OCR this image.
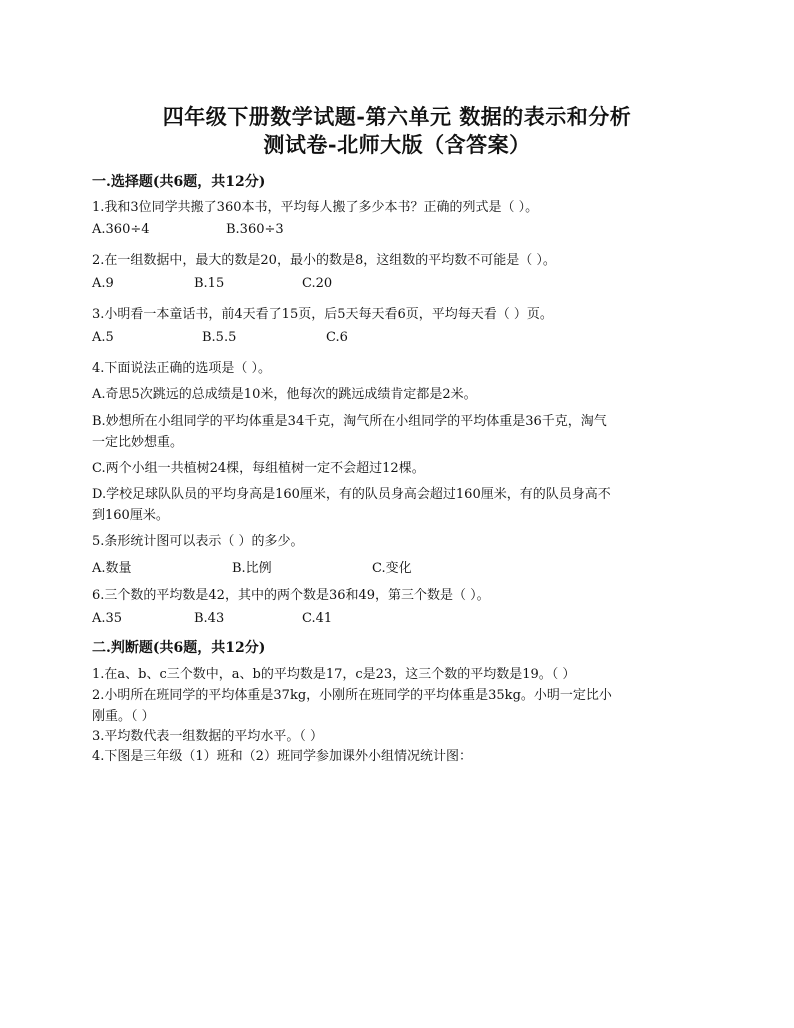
四年级下册数学试题-第六单元 数据的表示和分析
测试卷-北师大版（含答案）
一.选择题(共6题，共12分)
1.我和3位同学共搬了360本书，平均每人搬了多少本书？正确的列式是（ ）。
A.360÷4	B.360÷3
2.在一组数据中，最大的数是20，最小的数是8，这组数的平均数不可能是（ ）。
A.9	B.15	C.20
3.小明看一本童话书，前4天看了15页，后5天每天看6页，平均每天看（ ）页。
A.5	B.5.5	C.6
4.下面说法正确的选项是（ ）。
A.奇思5次跳远的总成绩是10米，他每次的跳远成绩肯定都是2米。
B.妙想所在小组同学的平均体重是34千克，淘气所在小组同学的平均体重是36千克，淘气
一定比妙想重。
C.两个小组一共植树24棵，每组植树一定不会超过12棵。
D.学校足球队队员的平均身高是160厘米，有的队员身高会超过160厘米，有的队员身高不
到160厘米。
5.条形统计图可以表示（ ）的多少。
A.数量	B.比例	C.变化
6.三个数的平均数是42，其中的两个数是36和49，第三个数是（ ）。
A.35	B.43	C.41
二.判断题(共6题，共12分)
1.在a、b、c三个数中，a、b的平均数是17，c是23，这三个数的平均数是19。（ ）
2.小明所在班同学的平均体重是37kg，小刚所在班同学的平均体重是35kg。小明一定比小
刚重。（ ）
3.平均数代表一组数据的平均水平。（ ）
4.下图是三年级（1）班和（2）班同学参加课外小组情况统计图：
